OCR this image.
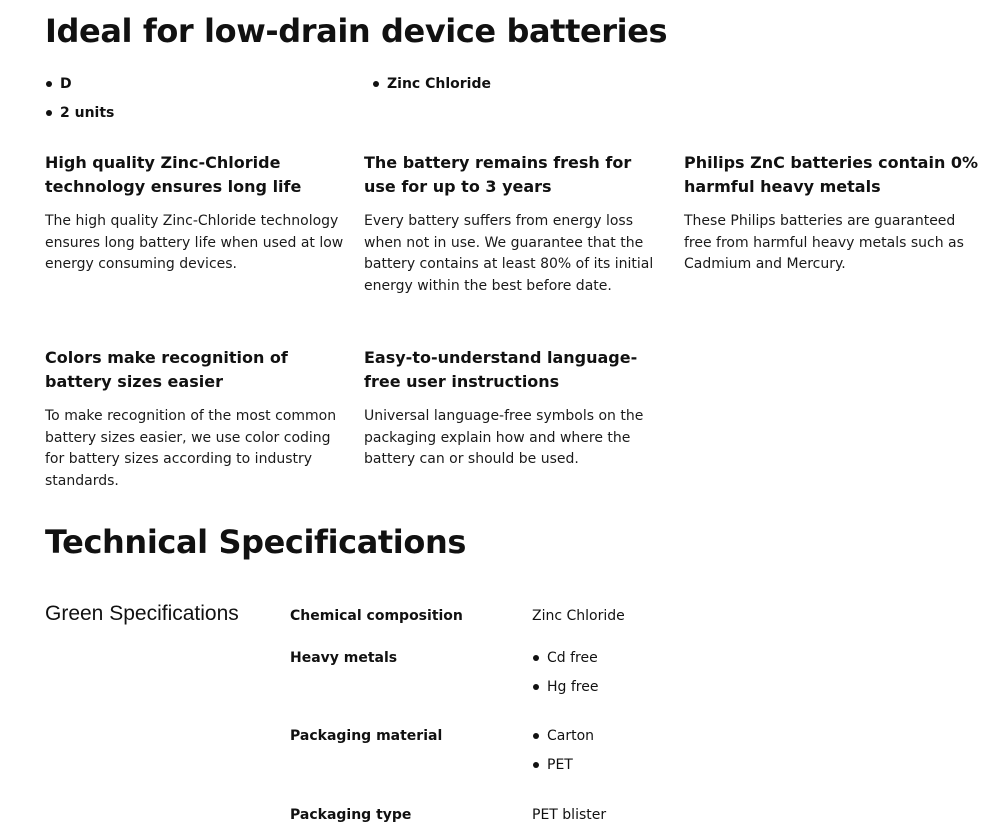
Ideal for low-drain device batteries
D
2 units
Zinc Chloride
High quality Zinc-Chloride technology ensures long life

The high quality Zinc-Chloride technology ensures long battery life when used at low energy consuming devices.

The battery remains fresh for use for up to 3 years

Every battery suffers from energy loss when not in use. We guarantee that the battery contains at least 80% of its initial energy within the best before date.

Philips ZnC batteries contain 0% harmful heavy metals

These Philips batteries are guaranteed free from harmful heavy metals such as Cadmium and Mercury.

Colors make recognition of battery sizes easier

To make recognition of the most common battery sizes easier, we use color coding for battery sizes according to industry standards.

Easy-to-understand language-free user instructions

Universal language-free symbols on the packaging explain how and where the battery can or should be used.

Technical Specifications
Green Specifications	Chemical composition	Zinc Chloride
Heavy metals	Cd free
Hg free
Packaging material	Carton
PET
Packaging type	PET blister
